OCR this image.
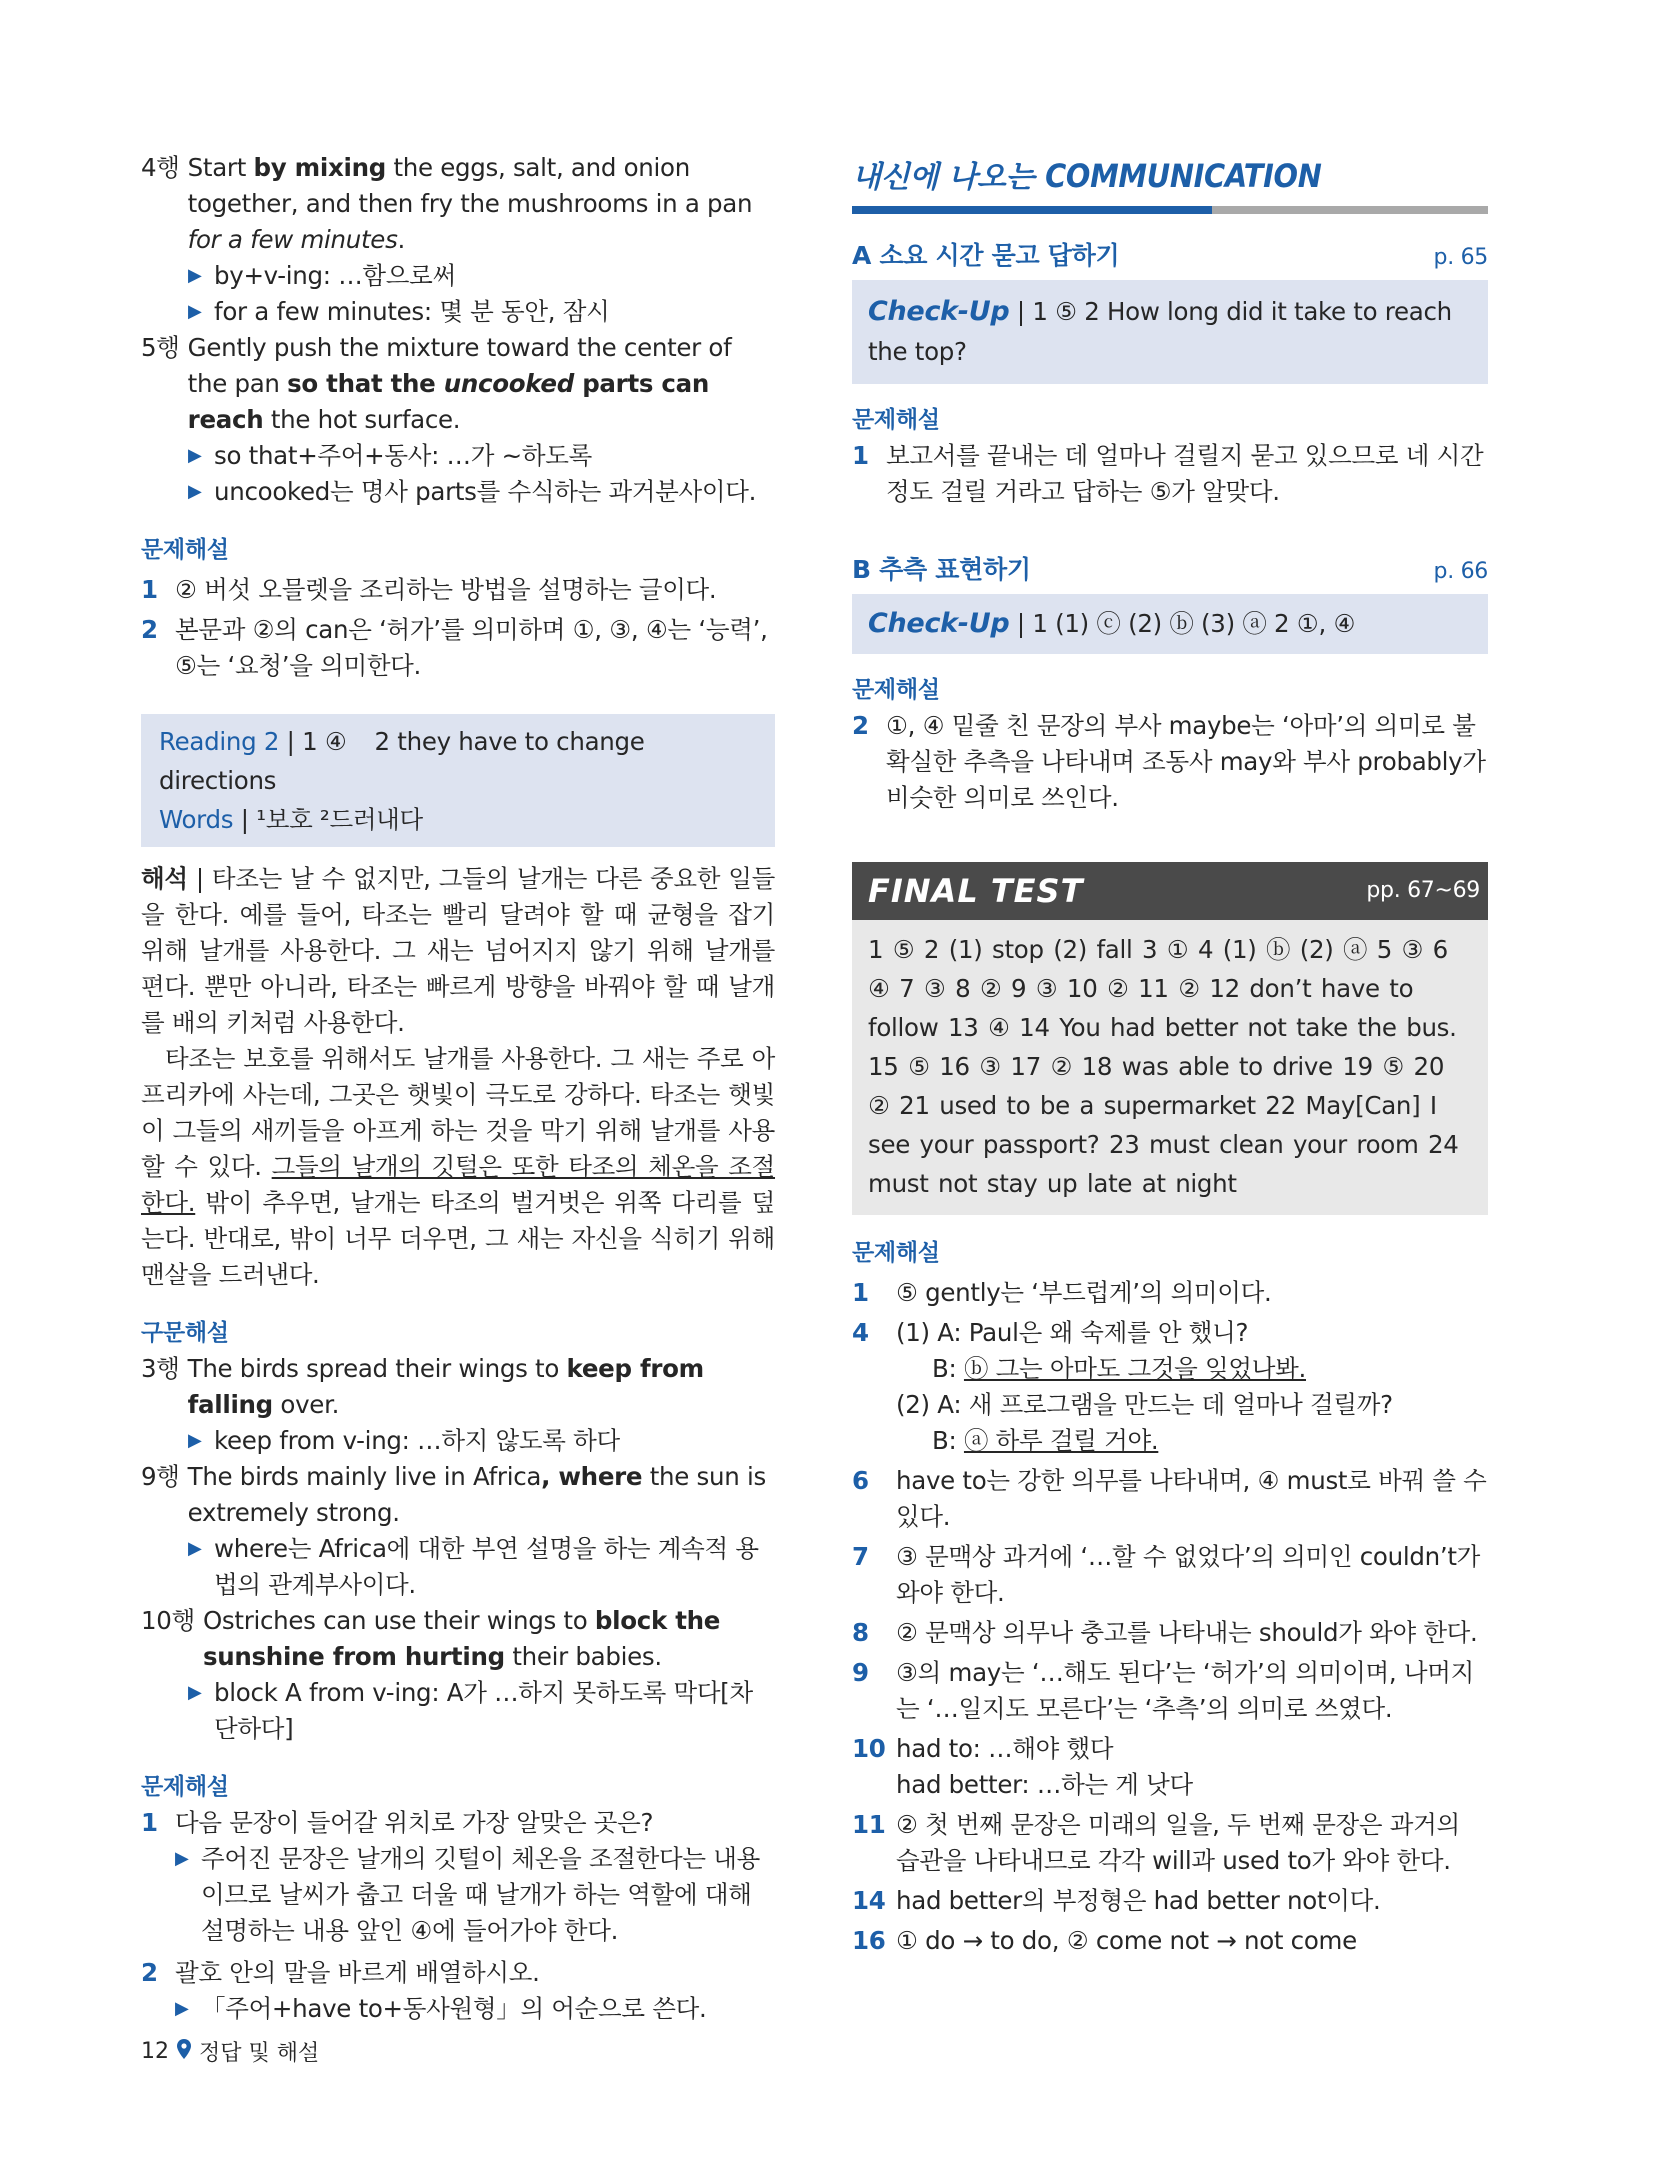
4행 Start by mixing the eggs, salt, and onion together, and then fry the mushrooms in a pan for a few minutes.
▶ by+v-ing: …함으로써
▶ for a few minutes: 몇 분 동안, 잠시
5행 Gently push the mixture toward the center of the pan so that the uncooked parts can reach the hot surface.
▶ so that+주어+동사: …가 ~하도록
▶ uncooked는 명사 parts를 수식하는 과거분사이다.
문제해설
1 ② 버섯 오믈렛을 조리하는 방법을 설명하는 글이다.
2 본문과 ②의 can은 ‘허가’를 의미하며 ①, ③, ④는 ‘능력’, ⑤는 ‘요청’을 의미한다.
Reading 2 | 1 ④ 2 they have to change directions
Words | ¹보호 ²드러내다
해석 | 타조는 날 수 없지만, 그들의 날개는 다른 중요한 일들을 한다. 예를 들어, 타조는 빨리 달려야 할 때 균형을 잡기 위해 날개를 사용한다. 그 새는 넘어지지 않기 위해 날개를 편다. 뿐만 아니라, 타조는 빠르게 방향을 바꿔야 할 때 날개를 배의 키처럼 사용한다.
타조는 보호를 위해서도 날개를 사용한다. 그 새는 주로 아프리카에 사는데, 그곳은 햇빛이 극도로 강하다. 타조는 햇빛이 그들의 새끼들을 아프게 하는 것을 막기 위해 날개를 사용할 수 있다. 그들의 날개의 깃털은 또한 타조의 체온을 조절한다. 밖이 추우면, 날개는 타조의 벌거벗은 위쪽 다리를 덮는다. 반대로, 밖이 너무 더우면, 그 새는 자신을 식히기 위해 맨살을 드러낸다.
구문해설
3행 The birds spread their wings to keep from falling over.
▶ keep from v-ing: …하지 않도록 하다
9행 The birds mainly live in Africa, where the sun is extremely strong.
▶ where는 Africa에 대한 부연 설명을 하는 계속적 용법의 관계부사이다.
10행 Ostriches can use their wings to block the sunshine from hurting their babies.
▶ block A from v-ing: A가 …하지 못하도록 막다[차단하다]
문제해설
1 다음 문장이 들어갈 위치로 가장 알맞은 곳은?
▶ 주어진 문장은 날개의 깃털이 체온을 조절한다는 내용이므로 날씨가 춥고 더울 때 날개가 하는 역할에 대해 설명하는 내용 앞인 ④에 들어가야 한다.
2 괄호 안의 말을 바르게 배열하시오.
▶ 「주어+have to+동사원형」의 어순으로 쓴다.
내신에 나오는 COMMUNICATION
A 소요 시간 묻고 답하기	p. 65
Check-Up | 1 ⑤ 2 How long did it take to reach the top?
문제해설
1 보고서를 끝내는 데 얼마나 걸릴지 묻고 있으므로 네 시간 정도 걸릴 거라고 답하는 ⑤가 알맞다.
B 추측 표현하기	p. 66
Check-Up | 1 (1) ⓒ (2) ⓑ (3) ⓐ 2 ①, ④
문제해설
2 ①, ④ 밑줄 친 문장의 부사 maybe는 ‘아마’의 의미로 불확실한 추측을 나타내며 조동사 may와 부사 probably가 비슷한 의미로 쓰인다.
FINAL TEST	pp. 67~69
1 ⑤ 2 (1) stop (2) fall 3 ① 4 (1) ⓑ (2) ⓐ 5 ③ 6 ④ 7 ③ 8 ② 9 ③ 10 ② 11 ② 12 don’t have to follow 13 ④ 14 You had better not take the bus. 15 ⑤ 16 ③ 17 ② 18 was able to drive 19 ⑤ 20 ② 21 used to be a supermarket 22 May[Can] I see your passport? 23 must clean your room 24 must not stay up late at night
문제해설
1	⑤ gently는 ‘부드럽게’의 의미이다.
4	(1) A: Paul은 왜 숙제를 안 했니?
B: ⓑ 그는 아마도 그것을 잊었나봐.
(2) A: 새 프로그램을 만드는 데 얼마나 걸릴까?
B: ⓐ 하루 걸릴 거야.
6	have to는 강한 의무를 나타내며, ④ must로 바꿔 쓸 수 있다.
7	③ 문맥상 과거에 ‘…할 수 없었다’의 의미인 couldn’t가 와야 한다.
8	② 문맥상 의무나 충고를 나타내는 should가 와야 한다.
9	③의 may는 ‘…해도 된다’는 ‘허가’의 의미이며, 나머지는 ‘…일지도 모른다’는 ‘추측’의 의미로 쓰였다.
10 had to: …해야 했다
had better: …하는 게 낫다
11 ② 첫 번째 문장은 미래의 일을, 두 번째 문장은 과거의 습관을 나타내므로 각각 will과 used to가 와야 한다.
14 had better의 부정형은 had better not이다.
16 ① do → to do, ② come not → not come
12 정답 및 해설
